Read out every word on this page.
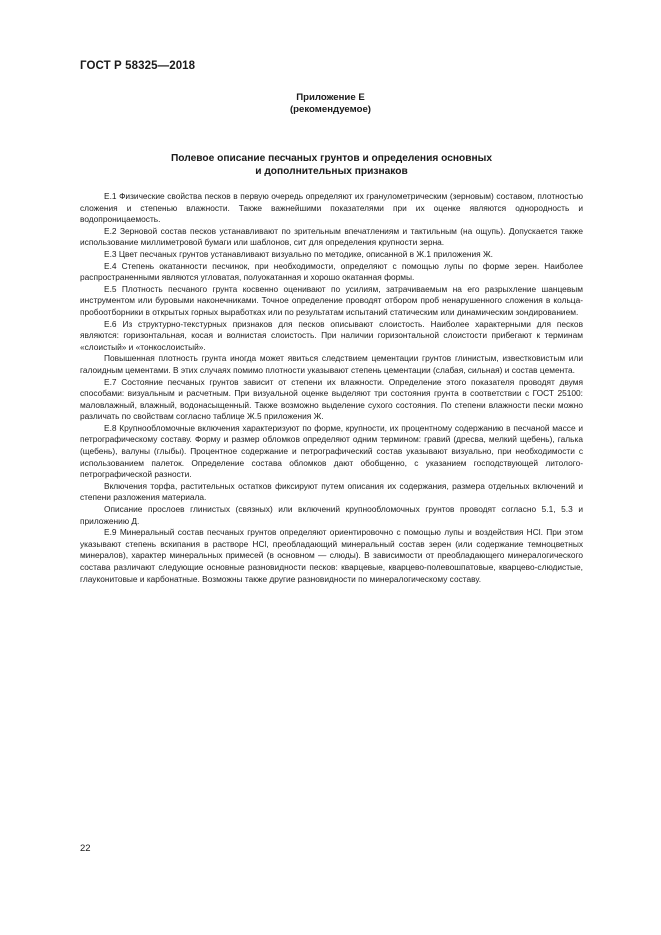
ГОСТ Р 58325—2018
Приложение Е
(рекомендуемое)
Полевое описание песчаных грунтов и определения основных
и дополнительных признаков

Е.1 Физические свойства песков в первую очередь определяют их гранулометрическим (зерновым) составом, плотностью сложения и степенью влажности. Также важнейшими показателями при их оценке являются однородность и водопроницаемость.

Е.2 Зерновой состав песков устанавливают по зрительным впечатлениям и тактильным (на ощупь). Допускается также использование миллиметровой бумаги или шаблонов, сит для определения крупности зерна.

Е.3 Цвет песчаных грунтов устанавливают визуально по методике, описанной в Ж.1 приложения Ж.

Е.4 Степень окатанности песчинок, при необходимости, определяют с помощью лупы по форме зерен. Наиболее распространенными являются угловатая, полуокатанная и хорошо окатанная формы.

Е.5 Плотность песчаного грунта косвенно оценивают по усилиям, затрачиваемым на его разрыхление шанцевым инструментом или буровыми наконечниками. Точное определение проводят отбором проб ненарушенного сложения в кольца-пробоотборники в открытых горных выработках или по результатам испытаний статическим или динамическим зондированием.

Е.6 Из структурно-текстурных признаков для песков описывают слоистость. Наиболее характерными для песков являются: горизонтальная, косая и волнистая слоистость. При наличии горизонтальной слоистости прибегают к терминам «слоистый» и «тонкослоистый».

Повышенная плотность грунта иногда может явиться следствием цементации грунтов глинистым, известковистым или галоидным цементами. В этих случаях помимо плотности указывают степень цементации (слабая, сильная) и состав цемента.

Е.7 Состояние песчаных грунтов зависит от степени их влажности. Определение этого показателя проводят двумя способами: визуальным и расчетным. При визуальной оценке выделяют три состояния грунта в соответствии с ГОСТ 25100: маловлажный, влажный, водонасыщенный. Также возможно выделение сухого состояния. По степени влажности пески можно различать по свойствам согласно таблице Ж.5 приложения Ж.

Е.8 Крупнообломочные включения характеризуют по форме, крупности, их процентному содержанию в песчаной массе и петрографическому составу. Форму и размер обломков определяют одним термином: гравий (дресва, мелкий щебень), галька (щебень), валуны (глыбы). Процентное содержание и петрографический состав указывают визуально, при необходимости с использованием палеток. Определение состава обломков дают обобщенно, с указанием господствующей литолого-петрографической разности.

Включения торфа, растительных остатков фиксируют путем описания их содержания, размера отдельных включений и степени разложения материала.

Описание прослоев глинистых (связных) или включений крупнообломочных грунтов проводят согласно 5.1, 5.3 и приложению Д.

Е.9 Минеральный состав песчаных грунтов определяют ориентировочно с помощью лупы и воздействия HCl. При этом указывают степень вскипания в растворе HCl, преобладающий минеральный состав зерен (или содержание темноцветных минералов), характер минеральных примесей (в основном — слюды). В зависимости от преобладающего минералогического состава различают следующие основные разновидности песков: кварцевые, кварцево-полевошпатовые, кварцево-слюдистые, глауконитовые и карбонатные. Возможны также другие разновидности по минералогическому составу.

22
